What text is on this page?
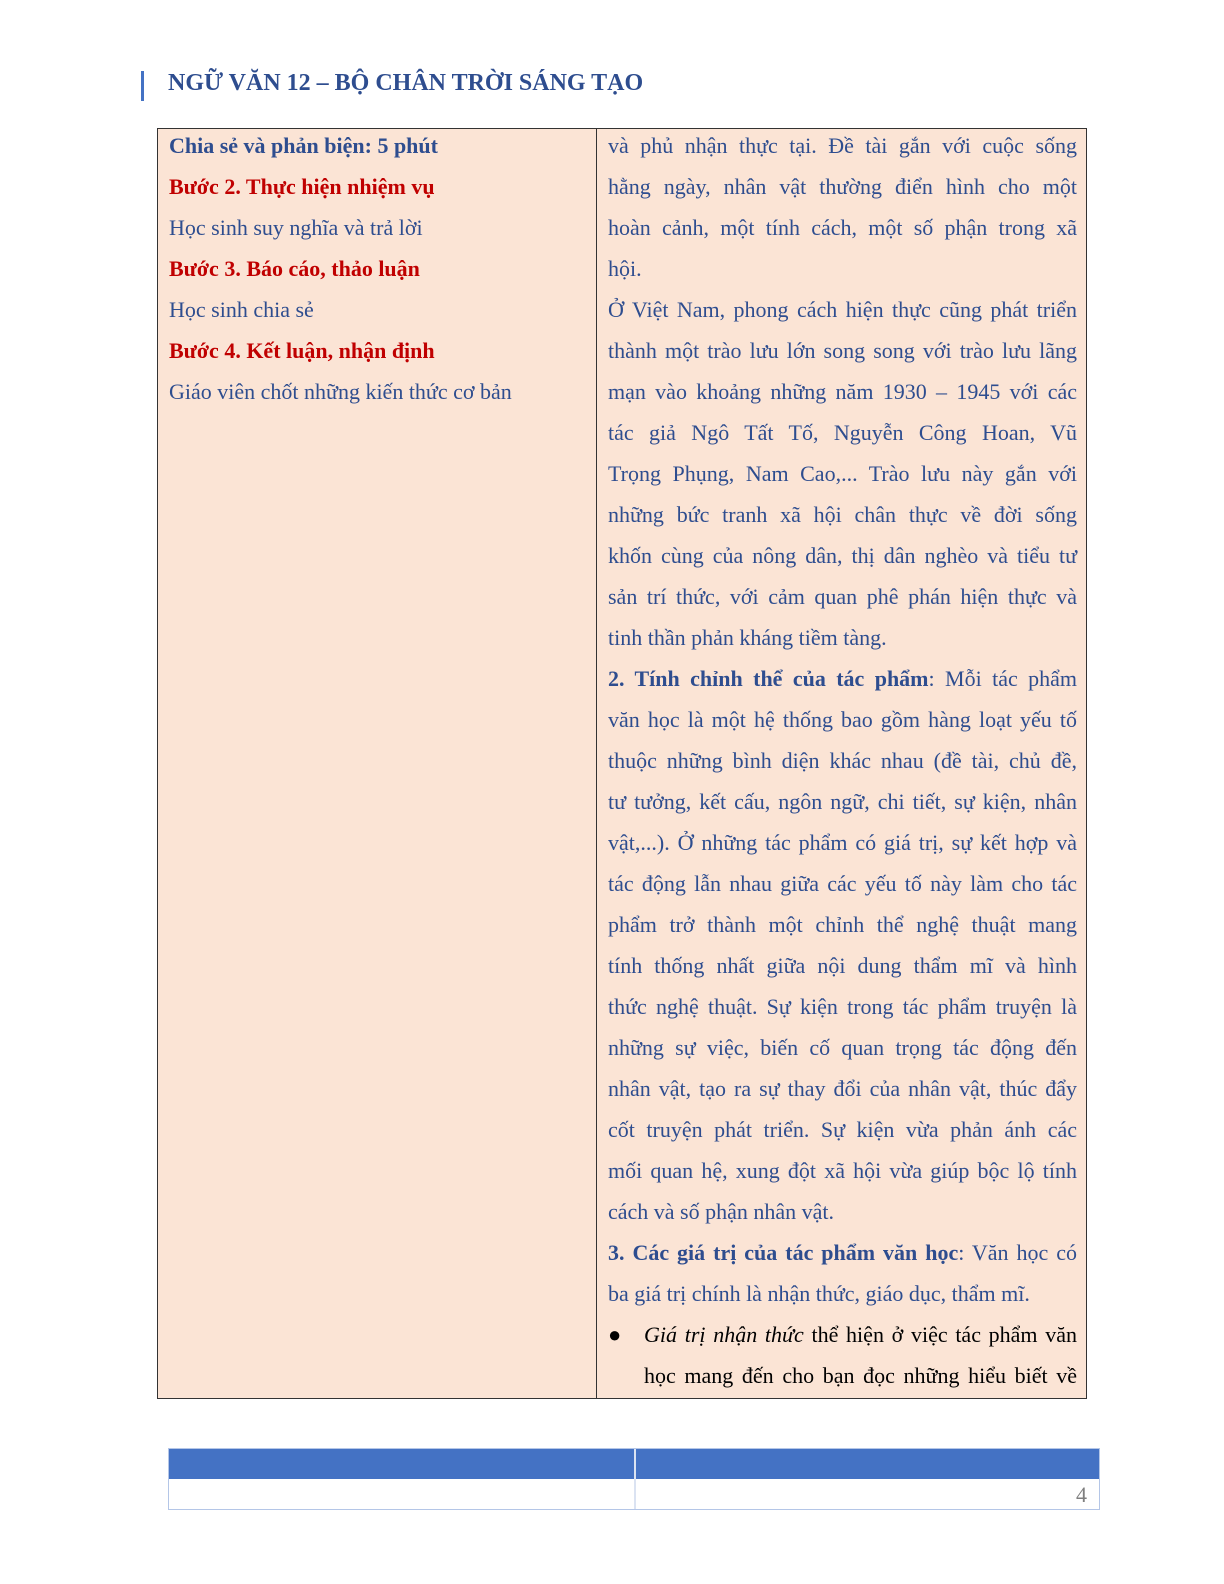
NGỮ VĂN 12 – BỘ CHÂN TRỜI SÁNG TẠO

Chia sẻ và phản biện: 5 phút

Bước 2. Thực hiện nhiệm vụ

Học sinh suy nghĩa và trả lời

Bước 3. Báo cáo, thảo luận

Học sinh chia sẻ

Bước 4. Kết luận, nhận định

Giáo viên chốt những kiến thức cơ bản

và phủ nhận thực tại. Đề tài gắn với cuộc sống

hằng ngày, nhân vật thường điển hình cho một

hoàn cảnh, một tính cách, một số phận trong xã

hội.

Ở Việt Nam, phong cách hiện thực cũng phát triển

thành một trào lưu lớn song song với trào lưu lãng

mạn vào khoảng những năm 1930 – 1945 với các

tác giả Ngô Tất Tố, Nguyễn Công Hoan, Vũ

Trọng Phụng, Nam Cao,... Trào lưu này gắn với

những bức tranh xã hội chân thực về đời sống

khốn cùng của nông dân, thị dân nghèo và tiểu tư

sản trí thức, với cảm quan phê phán hiện thực và

tinh thần phản kháng tiềm tàng.

2. Tính chỉnh thể của tác phẩm: Mỗi tác phẩm

văn học là một hệ thống bao gồm hàng loạt yếu tố

thuộc những bình diện khác nhau (đề tài, chủ đề,

tư tưởng, kết cấu, ngôn ngữ, chi tiết, sự kiện, nhân

vật,...). Ở những tác phẩm có giá trị, sự kết hợp và

tác động lẫn nhau giữa các yếu tố này làm cho tác

phẩm trở thành một chỉnh thể nghệ thuật mang

tính thống nhất giữa nội dung thẩm mĩ và hình

thức nghệ thuật. Sự kiện trong tác phẩm truyện là

những sự việc, biến cố quan trọng tác động đến

nhân vật, tạo ra sự thay đổi của nhân vật, thúc đẩy

cốt truyện phát triển. Sự kiện vừa phản ánh các

mối quan hệ, xung đột xã hội vừa giúp bộc lộ tính

cách và số phận nhân vật.

3. Các giá trị của tác phẩm văn học: Văn học có

ba giá trị chính là nhận thức, giáo dục, thẩm mĩ.

● Giá trị nhận thức thể hiện ở việc tác phẩm văn

học mang đến cho bạn đọc những hiểu biết về

4
